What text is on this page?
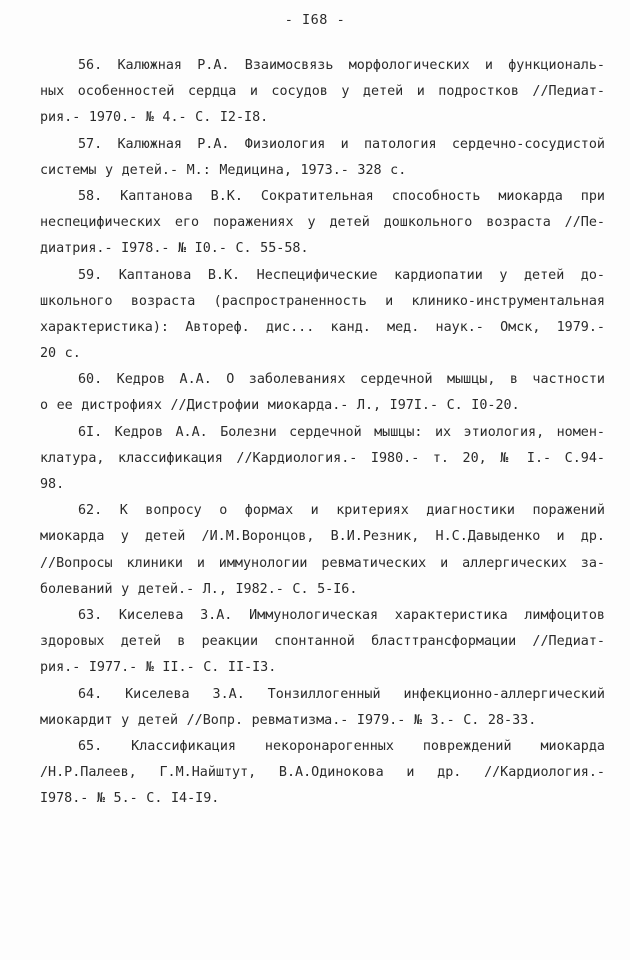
- I68 -
56. Калюжная Р.А. Взаимосвязь морфологических и функциональ-
ных особенностей сердца и сосудов у детей и подростков //Педиат-
рия.- 1970.- № 4.- С. I2-I8.
57. Калюжная Р.А. Физиология и патология сердечно-сосудистой
системы у детей.- М.: Медицина, 1973.- 328 с.
58. Каптанова В.К. Сократительная способность миокарда при
неспецифических его поражениях у детей дошкольного возраста //Пе-
диатрия.- I978.- № I0.- С. 55-58.
59. Каптанова В.К. Неспецифические кардиопатии у детей до-
школьного возраста (распространенность и клинико-инструментальная
характеристика): Автореф. дис... канд. мед. наук.- Омск, 1979.-
20 с.
60. Кедров А.А. О заболеваниях сердечной мышцы, в частности
о ее дистрофиях //Дистрофии миокарда.- Л., I97I.- С. I0-20.
6I. Кедров А.А. Болезни сердечной мышцы: их этиология, номен-
клатура, классификация //Кардиология.- I980.- т. 20, № I.- С.94-
98.
62. К вопросу о формах и критериях диагностики поражений
миокарда у детей /И.М.Воронцов, В.И.Резник, Н.С.Давыденко и др.
//Вопросы клиники и иммунологии ревматических и аллергических за-
болеваний у детей.- Л., I982.- С. 5-I6.
63. Киселева З.А. Иммунологическая характеристика лимфоцитов
здоровых детей в реакции спонтанной бласттрансформации //Педиат-
рия.- I977.- № II.- С. II-I3.
64. Киселева З.А. Тонзиллогенный инфекционно-аллергический
миокардит у детей //Вопр. ревматизма.- I979.- № 3.- С. 28-33.
65. Классификация некоронарогенных повреждений миокарда
/Н.Р.Палеев, Г.М.Найштут, В.А.Одинокова и др. //Кардиология.-
I978.- № 5.- С. I4-I9.
